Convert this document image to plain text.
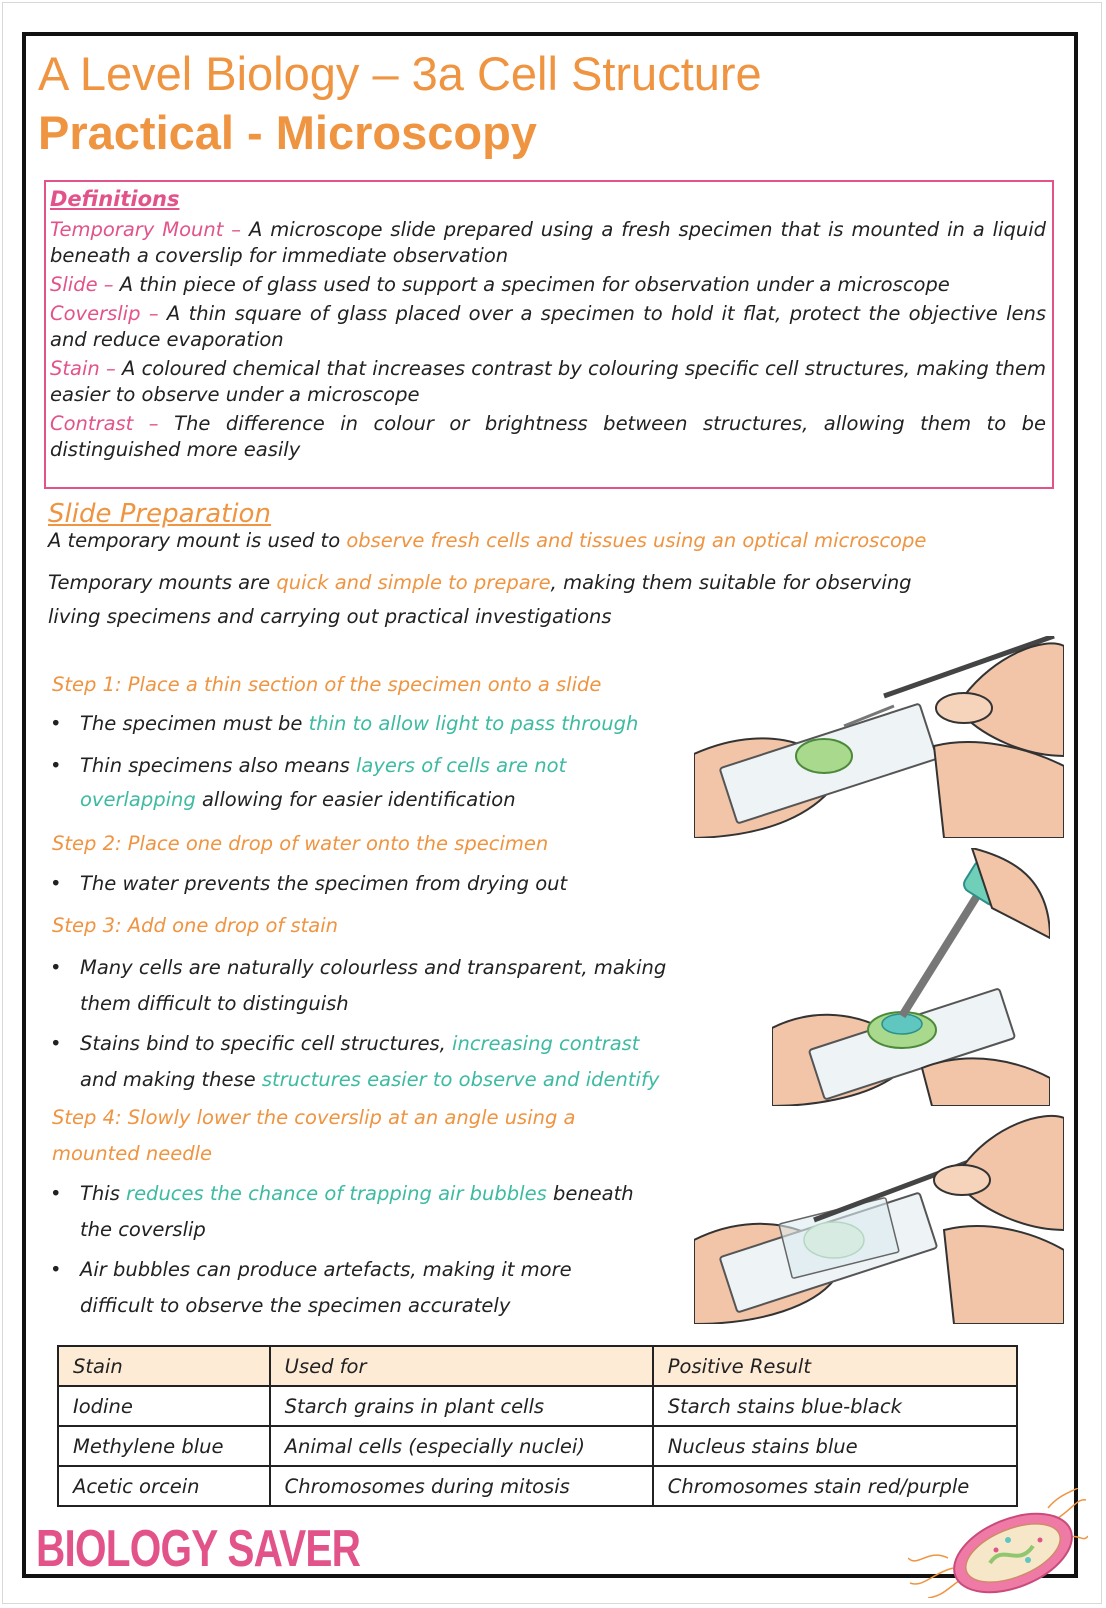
A Level Biology – 3a Cell Structure
Practical - Microscopy
Definitions
Temporary Mount – A microscope slide prepared using a fresh specimen that is mounted in a liquid beneath a coverslip for immediate observation
Slide – A thin piece of glass used to support a specimen for observation under a microscope
Coverslip – A thin square of glass placed over a specimen to hold it flat, protect the objective lens and reduce evaporation
Stain – A coloured chemical that increases contrast by colouring specific cell structures, making them easier to observe under a microscope
Contrast – The difference in colour or brightness between structures, allowing them to be distinguished more easily
Slide Preparation
A temporary mount is used to observe fresh cells and tissues using an optical microscope
Temporary mounts are quick and simple to prepare, making them suitable for observing
living specimens and carrying out practical investigations
Step 1: Place a thin section of the specimen onto a slide
• The specimen must be thin to allow light to pass through
• Thin specimens also means layers of cells are not
overlapping allowing for easier identification
Step 2: Place one drop of water onto the specimen
• The water prevents the specimen from drying out
Step 3: Add one drop of stain
• Many cells are naturally colourless and transparent, making
them difficult to distinguish
• Stains bind to specific cell structures, increasing contrast
and making these structures easier to observe and identify
Step 4: Slowly lower the coverslip at an angle using a
mounted needle
• This reduces the chance of trapping air bubbles beneath
the coverslip
• Air bubbles can produce artefacts, making it more
difficult to observe the specimen accurately
Stain	Used for	Positive Result
Iodine	Starch grains in plant cells	Starch stains blue-black
Methylene blue	Animal cells (especially nuclei)	Nucleus stains blue
Acetic orcein	Chromosomes during mitosis	Chromosomes stain red/purple
BIOLOGY SAVER
